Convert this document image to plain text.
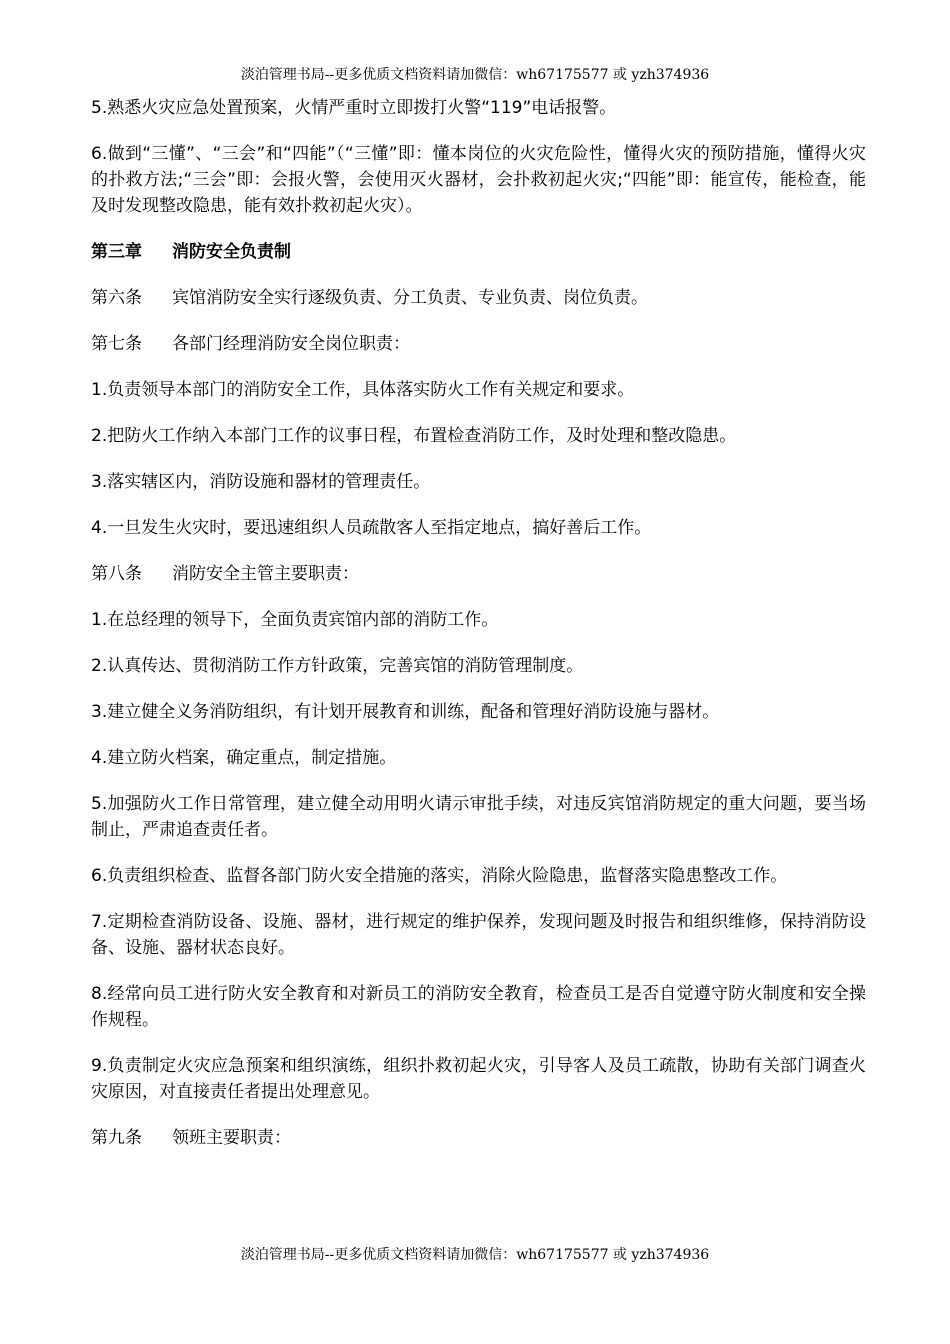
淡泊管理书局--更多优质文档资料请加微信：wh67175577 或 yzh374936

5.熟悉火灾应急处置预案，火情严重时立即拨打火警“119”电话报警。

6.做到“三懂”、“三会”和“四能”（“三懂”即：懂本岗位的火灾危险性，懂得火灾的预防措施，懂得火灾的扑救方法;“三会”即：会报火警，会使用灭火器材，会扑救初起火灾;“四能”即：能宣传，能检查，能及时发现整改隐患，能有效扑救初起火灾）。

第三章 消防安全负责制
第六条 宾馆消防安全实行逐级负责、分工负责、专业负责、岗位负责。
第七条 各部门经理消防安全岗位职责：

1.负责领导本部门的消防安全工作，具体落实防火工作有关规定和要求。

2.把防火工作纳入本部门工作的议事日程，布置检查消防工作，及时处理和整改隐患。

3.落实辖区内，消防设施和器材的管理责任。

4.一旦发生火灾时，要迅速组织人员疏散客人至指定地点，搞好善后工作。

第八条 消防安全主管主要职责：

1.在总经理的领导下，全面负责宾馆内部的消防工作。

2.认真传达、贯彻消防工作方针政策，完善宾馆的消防管理制度。

3.建立健全义务消防组织，有计划开展教育和训练，配备和管理好消防设施与器材。

4.建立防火档案，确定重点，制定措施。

5.加强防火工作日常管理，建立健全动用明火请示审批手续，对违反宾馆消防规定的重大问题，要当场制止，严肃追查责任者。

6.负责组织检查、监督各部门防火安全措施的落实，消除火险隐患，监督落实隐患整改工作。

7.定期检查消防设备、设施、器材，进行规定的维护保养，发现问题及时报告和组织维修，保持消防设备、设施、器材状态良好。

8.经常向员工进行防火安全教育和对新员工的消防安全教育，检查员工是否自觉遵守防火制度和安全操作规程。

9.负责制定火灾应急预案和组织演练，组织扑救初起火灾，引导客人及员工疏散，协助有关部门调查火灾原因，对直接责任者提出处理意见。

第九条 领班主要职责：
淡泊管理书局--更多优质文档资料请加微信：wh67175577 或 yzh374936
